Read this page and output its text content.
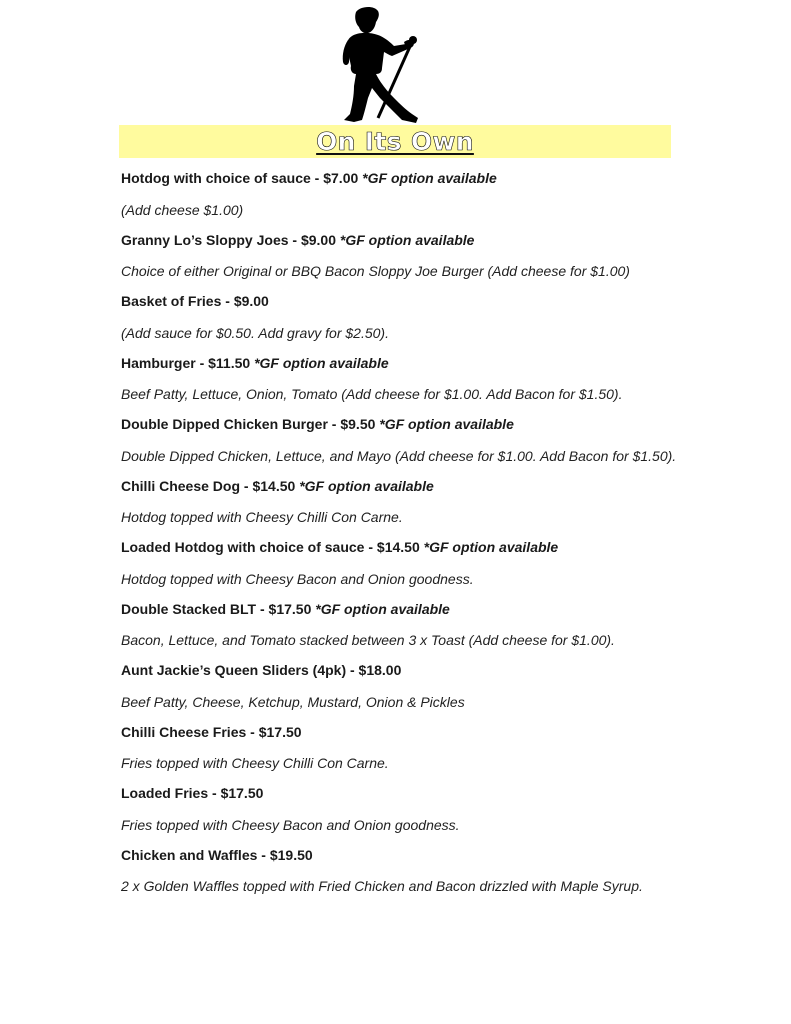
On Its Own
Hotdog with choice of sauce - $7.00 *GF option available
(Add cheese $1.00)
Granny Lo’s Sloppy Joes - $9.00 *GF option available
Choice of either Original or BBQ Bacon Sloppy Joe Burger (Add cheese for $1.00)
Basket of Fries - $9.00
(Add sauce for $0.50. Add gravy for $2.50).
Hamburger - $11.50 *GF option available
Beef Patty, Lettuce, Onion, Tomato (Add cheese for $1.00. Add Bacon for $1.50).
Double Dipped Chicken Burger - $9.50 *GF option available
Double Dipped Chicken, Lettuce, and Mayo (Add cheese for $1.00. Add Bacon for $1.50).
Chilli Cheese Dog - $14.50 *GF option available
Hotdog topped with Cheesy Chilli Con Carne.
Loaded Hotdog with choice of sauce - $14.50 *GF option available
Hotdog topped with Cheesy Bacon and Onion goodness.
Double Stacked BLT - $17.50 *GF option available
Bacon, Lettuce, and Tomato stacked between 3 x Toast (Add cheese for $1.00).
Aunt Jackie’s Queen Sliders (4pk) - $18.00
Beef Patty, Cheese, Ketchup, Mustard, Onion & Pickles
Chilli Cheese Fries - $17.50
Fries topped with Cheesy Chilli Con Carne.
Loaded Fries - $17.50
Fries topped with Cheesy Bacon and Onion goodness.
Chicken and Waffles - $19.50
2 x Golden Waffles topped with Fried Chicken and Bacon drizzled with Maple Syrup.
